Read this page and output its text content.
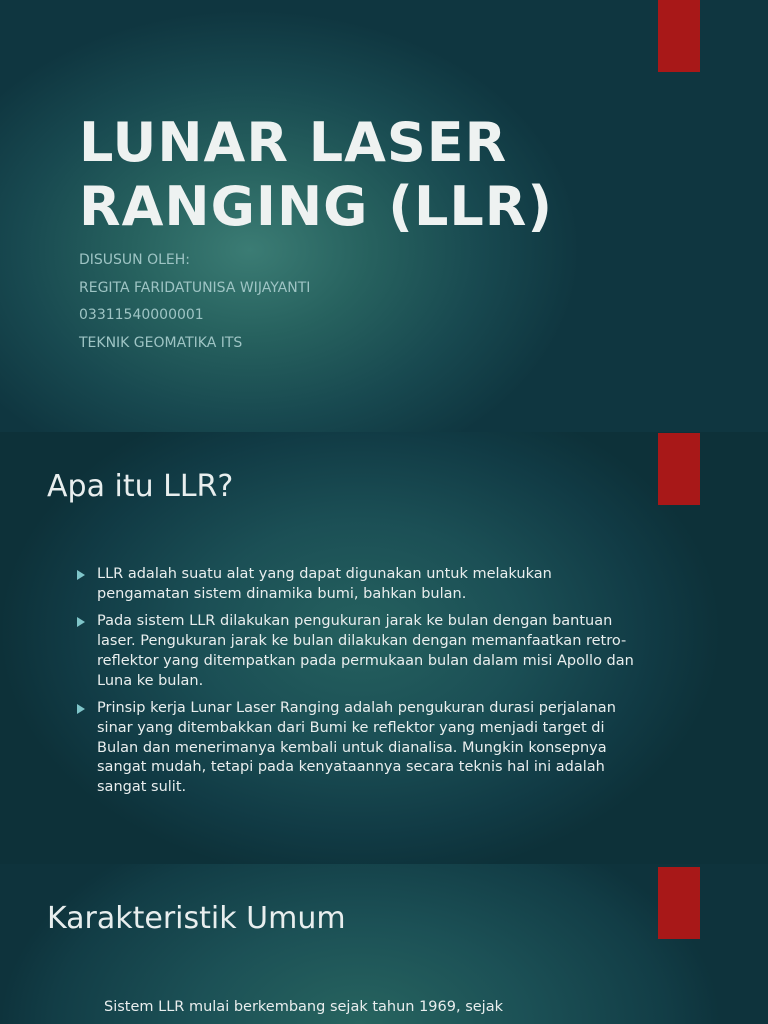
LUNAR LASER
RANGING (LLR)
DISUSUN OLEH:
REGITA FARIDATUNISA WIJAYANTI
03311540000001
TEKNIK GEOMATIKA ITS
Apa itu LLR?
LLR adalah suatu alat yang dapat digunakan untuk melakukan pengamatan sistem dinamika bumi, bahkan bulan.
Pada sistem LLR dilakukan pengukuran jarak ke bulan dengan bantuan laser. Pengukuran jarak ke bulan dilakukan dengan memanfaatkan retro-reflektor yang ditempatkan pada permukaan bulan dalam misi Apollo dan Luna ke bulan.
Prinsip kerja Lunar Laser Ranging adalah pengukuran durasi perjalanan sinar yang ditembakkan dari Bumi ke reflektor yang menjadi target di Bulan dan menerimanya kembali untuk dianalisa. Mungkin konsepnya sangat mudah, tetapi pada kenyataannya secara teknis hal ini adalah sangat sulit.
Karakteristik Umum

Sistem LLR mulai berkembang sejak tahun 1969, sejak
